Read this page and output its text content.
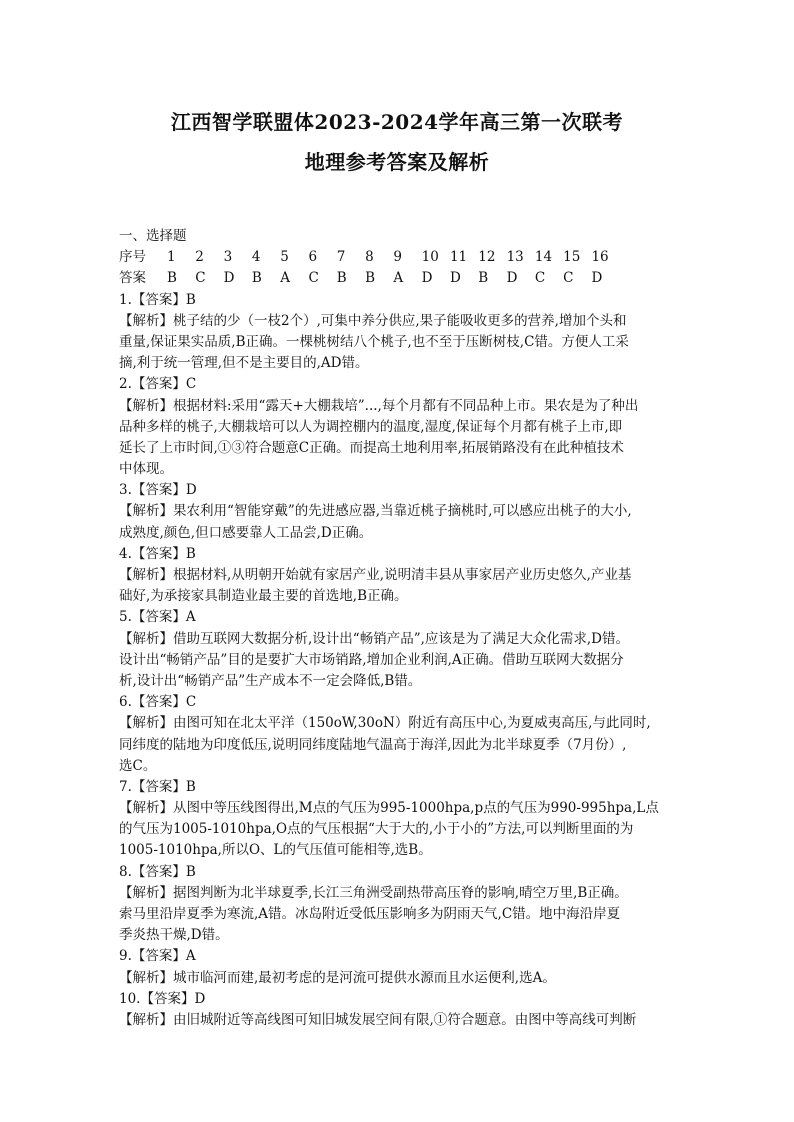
江西智学联盟体2023-2024学年高三第一次联考
地理参考答案及解析
一、选择题
序号	1	2	3	4	5	6	7	8	9	10 11 12 13 14 15 16
答案	B	C	D	B	A	C	B	B	A	D	D	B	D	C	C	D
1.【答案】B
【解析】桃子结的少（一枝2个）,可集中养分供应,果子能吸收更多的营养,增加个头和
重量,保证果实品质,B正确。一棵桃树结八个桃子,也不至于压断树枝,C错。方便人工采
摘,利于统一管理,但不是主要目的,AD错。
2.【答案】C
【解析】根据材料:采用“露天+大棚栽培”...,每个月都有不同品种上市。果农是为了种出
品种多样的桃子,大棚栽培可以人为调控棚内的温度,湿度,保证每个月都有桃子上市,即
延长了上市时间,①③符合题意C正确。而提高土地利用率,拓展销路没有在此种植技术
中体现。
3.【答案】D
【解析】果农利用“智能穿戴”的先进感应器,当靠近桃子摘桃时,可以感应出桃子的大小,
成熟度,颜色,但口感要靠人工品尝,D正确。
4.【答案】B
【解析】根据材料,从明朝开始就有家居产业,说明清丰县从事家居产业历史悠久,产业基
础好,为承接家具制造业最主要的首选地,B正确。
5.【答案】A
【解析】借助互联网大数据分析,设计出“畅销产品”,应该是为了满足大众化需求,D错。
设计出“畅销产品”目的是要扩大市场销路,增加企业利润,A正确。借助互联网大数据分
析,设计出“畅销产品”生产成本不一定会降低,B错。
6.【答案】C
【解析】由图可知在北太平洋（150oW,30oN）附近有高压中心,为夏威夷高压,与此同时,
同纬度的陆地为印度低压,说明同纬度陆地气温高于海洋,因此为北半球夏季（7月份）,
选C。
7.【答案】B
【解析】从图中等压线图得出,M点的气压为995-1000hpa,p点的气压为990-995hpa,L点
的气压为1005-1010hpa,O点的气压根据“大于大的,小于小的”方法,可以判断里面的为
1005-1010hpa,所以O、L的气压值可能相等,选B。
8.【答案】B
【解析】据图判断为北半球夏季,长江三角洲受副热带高压脊的影响,晴空万里,B正确。
索马里沿岸夏季为寒流,A错。冰岛附近受低压影响多为阴雨天气,C错。地中海沿岸夏
季炎热干燥,D错。
9.【答案】A
【解析】城市临河而建,最初考虑的是河流可提供水源而且水运便利,选A。
10.【答案】D
【解析】由旧城附近等高线图可知旧城发展空间有限,①符合题意。由图中等高线可判断
